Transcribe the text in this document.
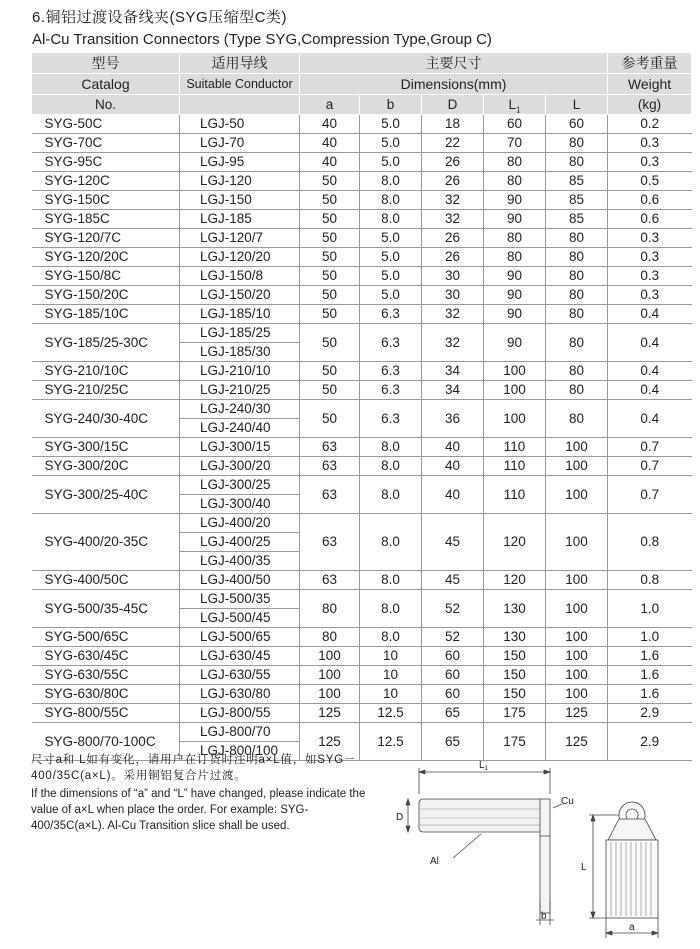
6.铜铝过渡设备线夹(SYG压缩型C类)
Al-Cu Transition Connectors (Type SYG,Compression Type,Group C)
型号	适用导线	主要尺寸					参考重量
Catalog	Suitable Conductor	Dimensions(mm)					Weight
No.		a	b	D	$L_1$	L	(kg)
SYG-50C	LGJ-50	40	5.0	18	60	60	0.2
SYG-70C	LGJ-70	40	5.0	22	70	80	0.3
SYG-95C	LGJ-95	40	5.0	26	80	80	0.3
SYG-120C	LGJ-120	50	8.0	26	80	85	0.5
SYG-150C	LGJ-150	50	8.0	32	90	85	0.6
SYG-185C	LGJ-185	50	8.0	32	90	85	0.6
SYG-120/7C	LGJ-120/7	50	5.0	26	80	80	0.3
SYG-120/20C	LGJ-120/20	50	5.0	26	80	80	0.3
SYG-150/8C	LGJ-150/8	50	5.0	30	90	80	0.3
SYG-150/20C	LGJ-150/20	50	5.0	30	90	80	0.3
SYG-185/10C	LGJ-185/10	50	6.3	32	90	80	0.4
SYG-185/25-30C	LGJ-185/25	50	6.3	32	90	80	0.4
	LGJ-185/30						
SYG-210/10C	LGJ-210/10	50	6.3	34	100	80	0.4
SYG-210/25C	LGJ-210/25	50	6.3	34	100	80	0.4
SYG-240/30-40C	LGJ-240/30	50	6.3	36	100	80	0.4
	LGJ-240/40						
SYG-300/15C	LGJ-300/15	63	8.0	40	110	100	0.7
SYG-300/20C	LGJ-300/20	63	8.0	40	110	100	0.7
SYG-300/25-40C	LGJ-300/25	63	8.0	40	110	100	0.7
	LGJ-300/40						
SYG-400/20-35C	LGJ-400/20	63	8.0	45	120	100	0.8
	LGJ-400/25						
	LGJ-400/35						
SYG-400/50C	LGJ-400/50	63	8.0	45	120	100	0.8
SYG-500/35-45C	LGJ-500/35	80	8.0	52	130	100	1.0
	LGJ-500/45						
SYG-500/65C	LGJ-500/65	80	8.0	52	130	100	1.0
SYG-630/45C	LGJ-630/45	100	10	60	150	100	1.6
SYG-630/55C	LGJ-630/55	100	10	60	150	100	1.6
SYG-630/80C	LGJ-630/80	100	10	60	150	100	1.6
SYG-800/55C	LGJ-800/55	125	12.5	65	175	125	2.9
SYG-800/70-100C	LGJ-800/70	125	12.5	65	175	125	2.9
	LGJ-800/100						
尺寸a和 L如有变化，请用户在订货时注明a×L值，如SYG－400/35C(a×L)。采用铜铝复合片过渡。
If the dimensions of “a” and “L” have changed, please indicate the value of a×L when place the order. For example: SYG-400/35C(a×L). Al-Cu Transition slice shall be used.
$L_1$
D
Cu
Al
b
L
a
